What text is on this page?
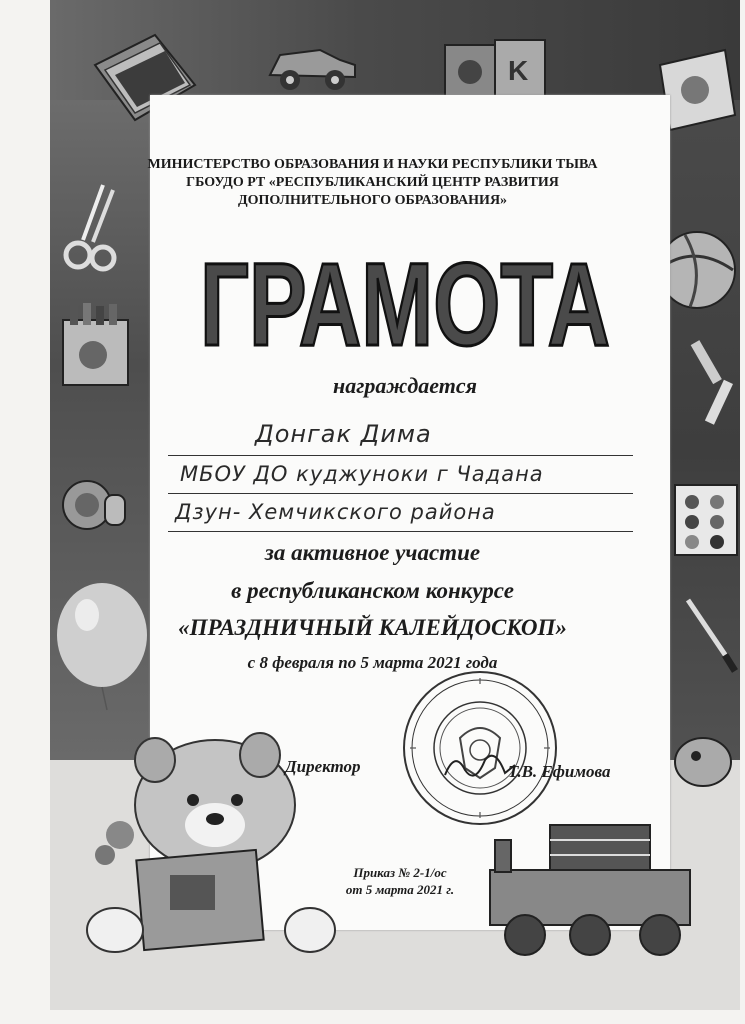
K
МИНИСТЕРСТВО ОБРАЗОВАНИЯ И НАУКИ РЕСПУБЛИКИ ТЫВА
ГБОУДО РТ «РЕСПУБЛИКАНСКИЙ ЦЕНТР РАЗВИТИЯ
ДОПОЛНИТЕЛЬНОГО ОБРАЗОВАНИЯ»
ГРАМОТА
награждается
Донгак Дима
МБОУ ДО куджуноки г Чадана
Дзун- Хемчикского района
за активное участие
в республиканском конкурсе
«ПРАЗДНИЧНЫЙ КАЛЕЙДОСКОП»
с 8 февраля по 5 марта 2021 года
Директор	Т.В. Ефимова
Приказ № 2-1/ос
от 5 марта 2021 г.
